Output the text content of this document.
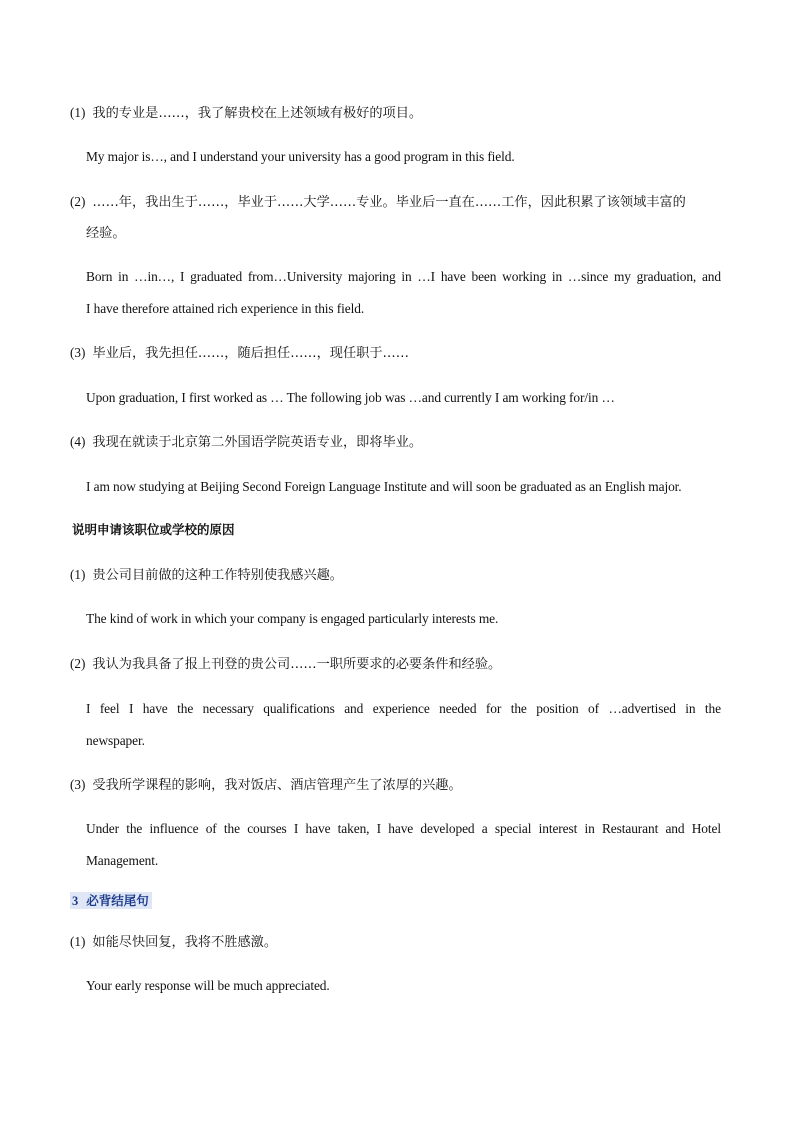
(1) 我的专业是……，我了解贵校在上述领域有极好的项目。
My major is…, and I understand your university has a good program in this field.
(2) ……年，我出生于……，毕业于……大学……专业。毕业后一直在……工作，因此积累了该领域丰富的
经验。
Born in …in…, I graduated from…University majoring in …I have been working in …since my graduation, and
I have therefore attained rich experience in this field.
(3) 毕业后，我先担任……，随后担任……，现任职于……
Upon graduation, I first worked as … The following job was …and currently I am working for/in …
(4) 我现在就读于北京第二外国语学院英语专业，即将毕业。
I am now studying at Beijing Second Foreign Language Institute and will soon be graduated as an English major.
说明申请该职位或学校的原因
(1) 贵公司目前做的这种工作特别使我感兴趣。
The kind of work in which your company is engaged particularly interests me.
(2) 我认为我具备了报上刊登的贵公司……一职所要求的必要条件和经验。
I feel I have the necessary qualifications and experience needed for the position of …advertised in the
newspaper.
(3) 受我所学课程的影响，我对饭店、酒店管理产生了浓厚的兴趣。
Under the influence of the courses I have taken, I have developed a special interest in Restaurant and Hotel
Management.
3 必背结尾句
(1) 如能尽快回复，我将不胜感激。
Your early response will be much appreciated.
